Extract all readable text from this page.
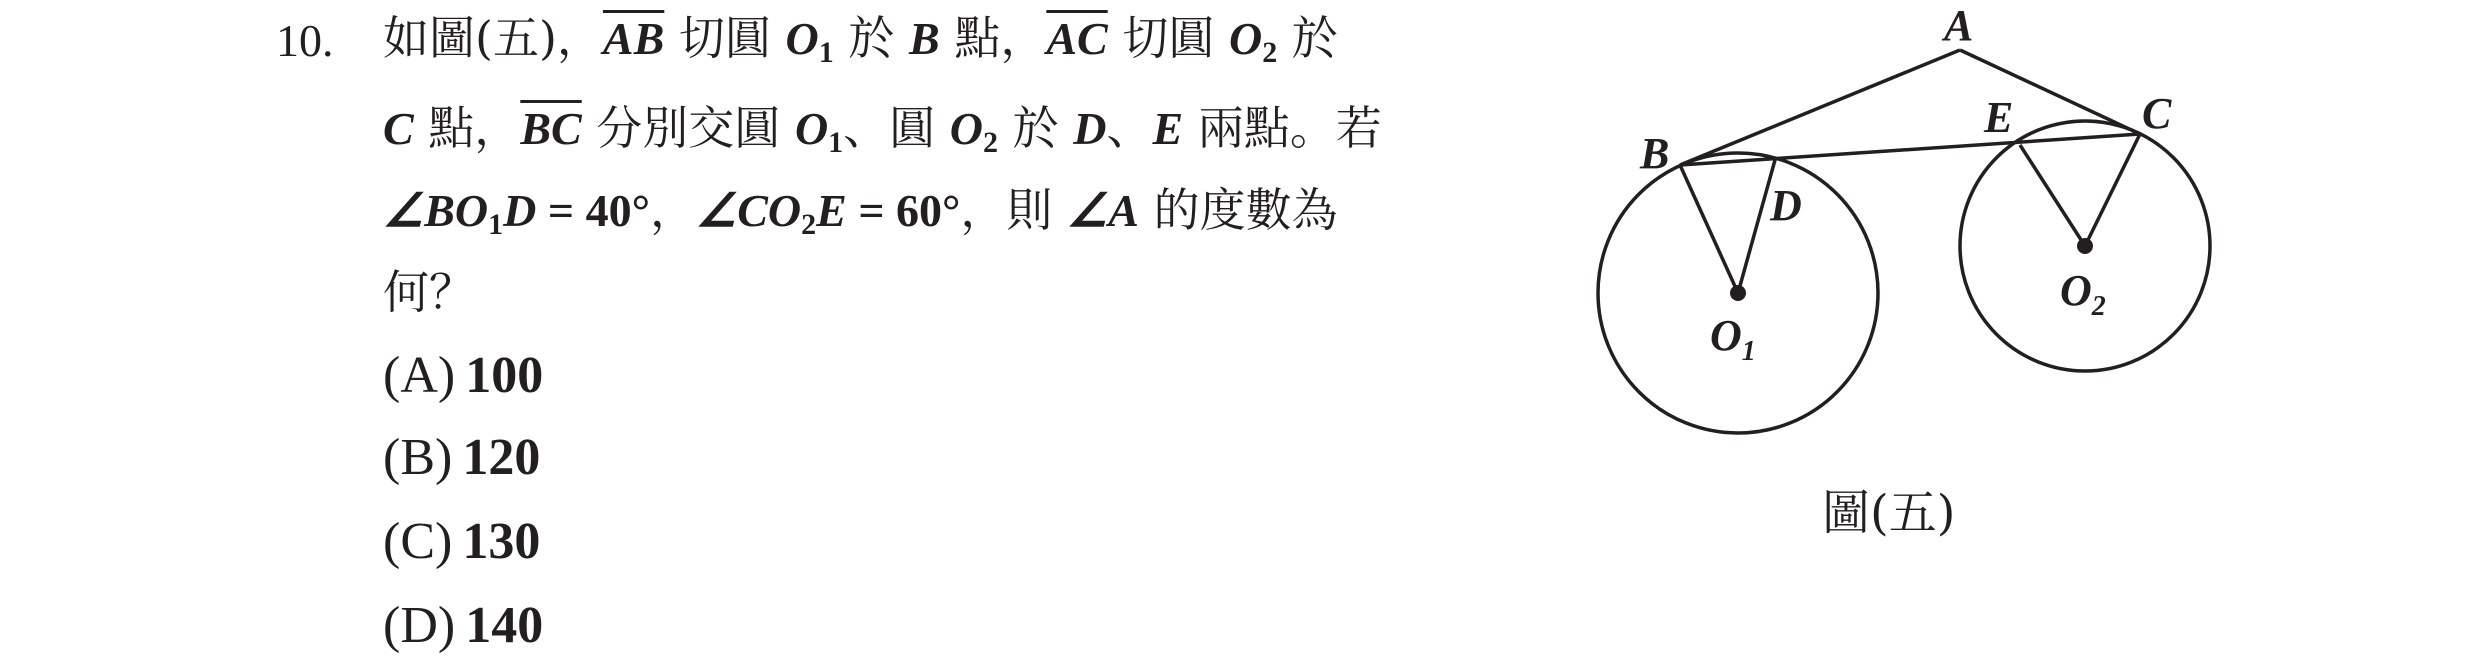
10. 如圖(五)，$\overline{AB}$ 切圓 $O_1$ 於 B 點，$\overline{AC}$ 切圓 $O_2$ 於
C 點，$\overline{BC}$ 分別交圓 $O_1$、圓 $O_2$ 於 D、E 兩點。若
$\angle BO_1D = 40^\circ$，$\angle CO_2E = 60^\circ$，則 ∠A 的度數為
何？
(A) 100
(B) 120
(C) 130
(D) 140
A
B
C
D
E
$O_1$
$O_2$
圖(五)
